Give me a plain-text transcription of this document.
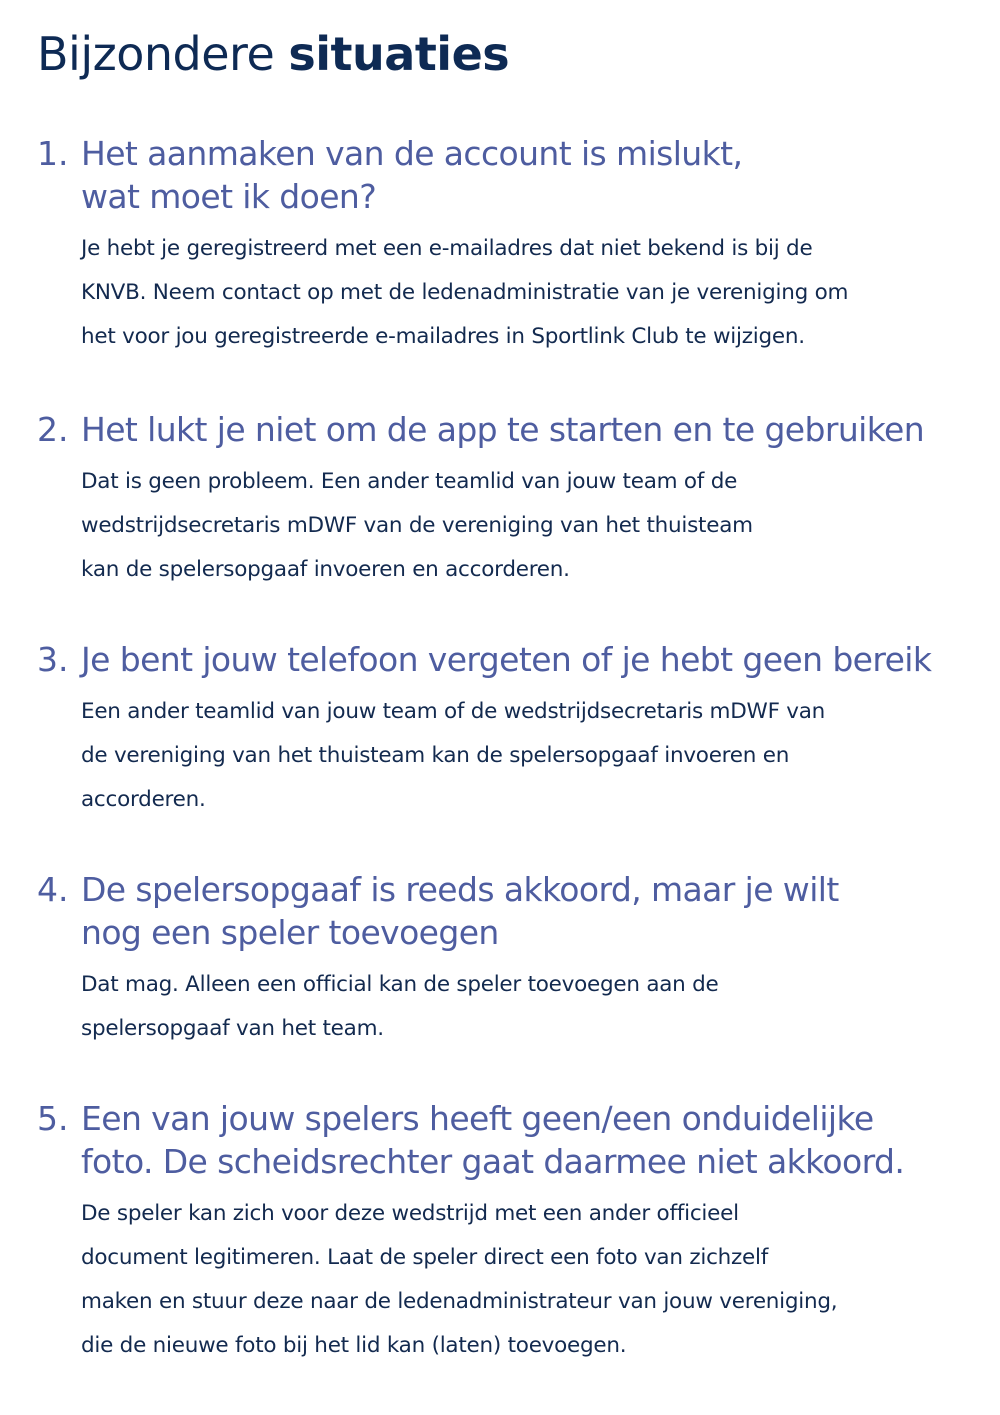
Bijzondere situaties
1. Het aanmaken van de account is mislukt,
wat moet ik doen?
Je hebt je geregistreerd met een e-mailadres dat niet bekend is bij de
KNVB. Neem contact op met de ledenadministratie van je vereniging om
het voor jou geregistreerde e-mailadres in Sportlink Club te wijzigen.
2. Het lukt je niet om de app te starten en te gebruiken
Dat is geen probleem. Een ander teamlid van jouw team of de
wedstrijdsecretaris mDWF van de vereniging van het thuisteam
kan de spelersopgaaf invoeren en accorderen.
3. Je bent jouw telefoon vergeten of je hebt geen bereik
Een ander teamlid van jouw team of de wedstrijdsecretaris mDWF van
de vereniging van het thuisteam kan de spelersopgaaf invoeren en
accorderen.
4. De spelersopgaaf is reeds akkoord, maar je wilt
nog een speler toevoegen
Dat mag. Alleen een official kan de speler toevoegen aan de
spelersopgaaf van het team.
5. Een van jouw spelers heeft geen/een onduidelijke
foto. De scheidsrechter gaat daarmee niet akkoord.
De speler kan zich voor deze wedstrijd met een ander officieel
document legitimeren. Laat de speler direct een foto van zichzelf
maken en stuur deze naar de ledenadministrateur van jouw vereniging,
die de nieuwe foto bij het lid kan (laten) toevoegen.
